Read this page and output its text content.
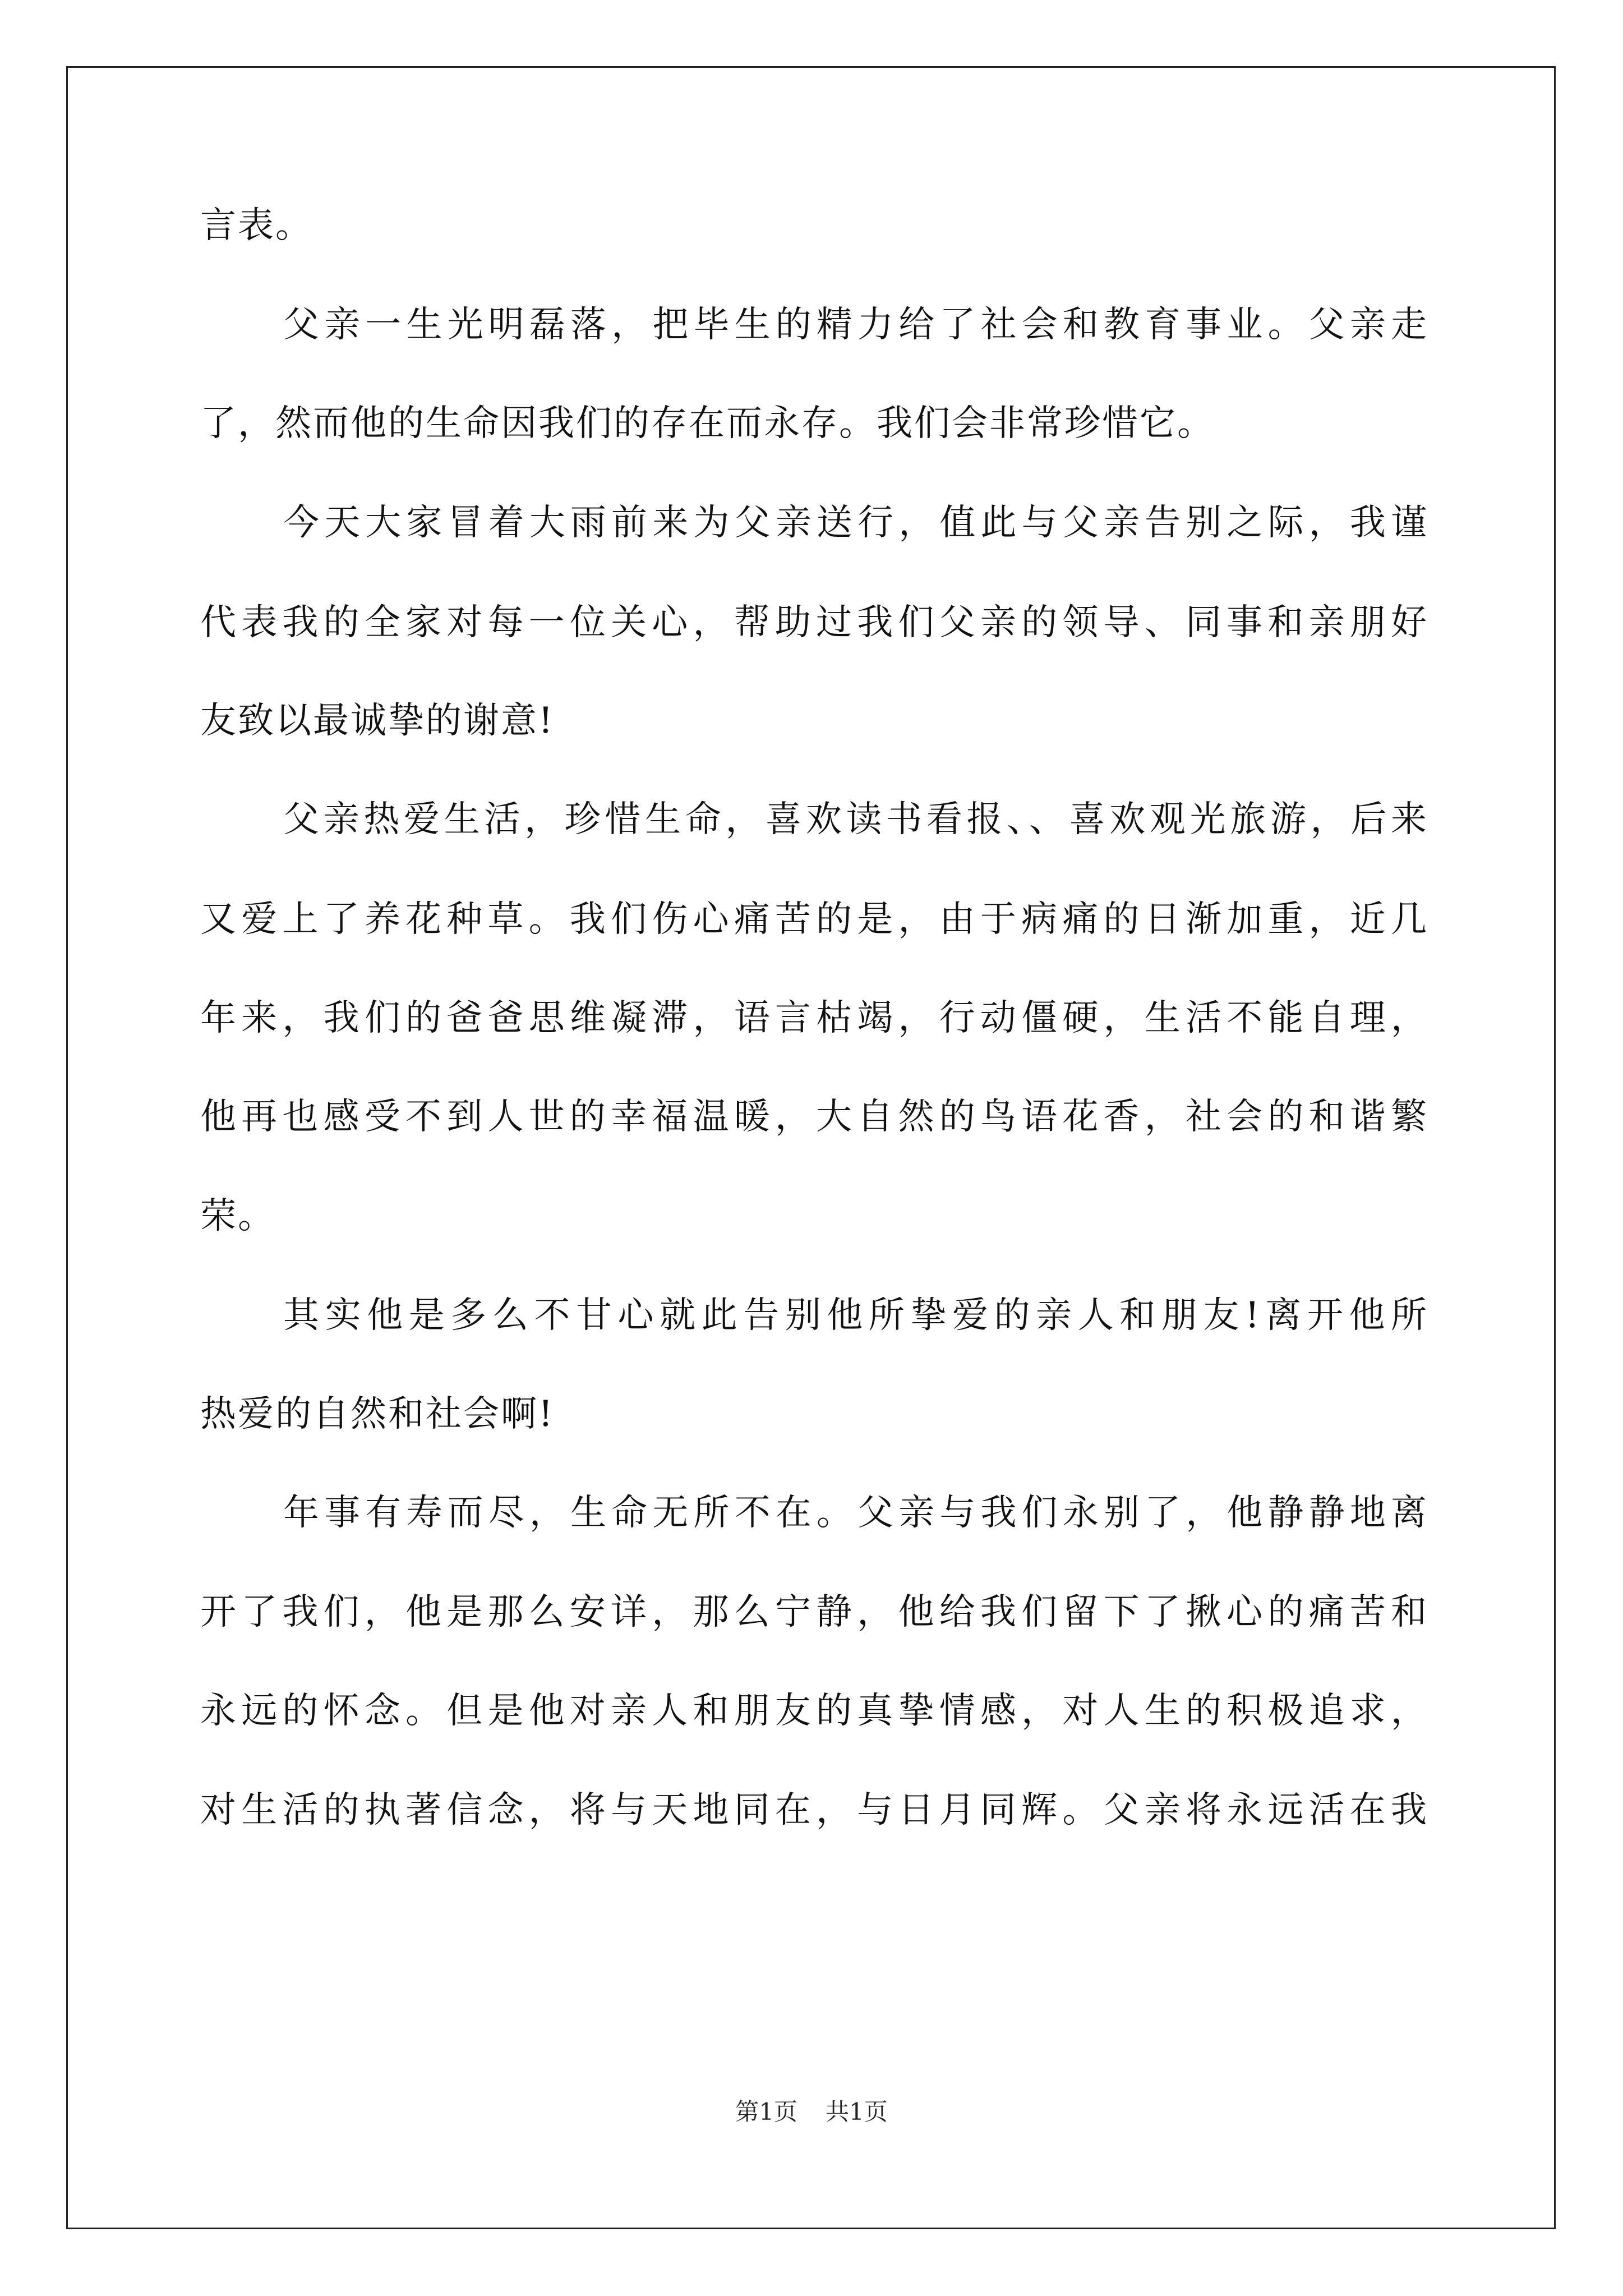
言表。
父亲一生光明磊落，把毕生的精力给了社会和教育事业。父亲走
了，然而他的生命因我们的存在而永存。我们会非常珍惜它。
今天大家冒着大雨前来为父亲送行，值此与父亲告别之际，我谨
代表我的全家对每一位关心，帮助过我们父亲的领导、同事和亲朋好
友致以最诚挚的谢意!
父亲热爱生活，珍惜生命，喜欢读书看报、、喜欢观光旅游，后来
又爱上了养花种草。我们伤心痛苦的是，由于病痛的日渐加重，近几
年来，我们的爸爸思维凝滞，语言枯竭，行动僵硬，生活不能自理，
他再也感受不到人世的幸福温暖，大自然的鸟语花香，社会的和谐繁
荣。
其实他是多么不甘心就此告别他所挚爱的亲人和朋友!离开他所
热爱的自然和社会啊!
年事有寿而尽，生命无所不在。父亲与我们永别了，他静静地离
开了我们，他是那么安详，那么宁静，他给我们留下了揪心的痛苦和
永远的怀念。但是他对亲人和朋友的真挚情感，对人生的积极追求，
对生活的执著信念，将与天地同在，与日月同辉。父亲将永远活在我
第1页 共1页
